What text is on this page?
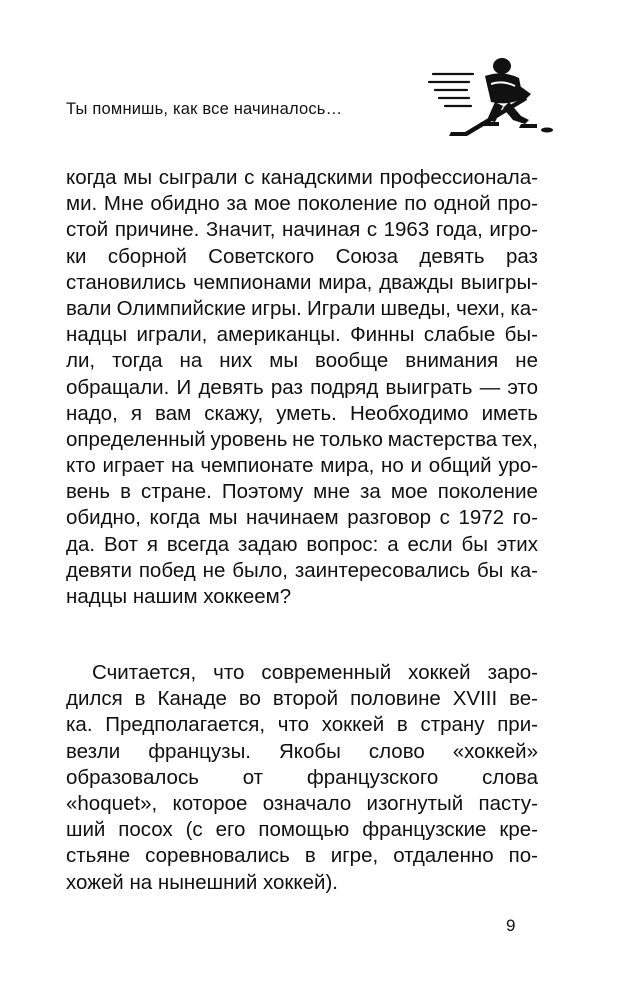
Ты помнишь, как все начиналось…
когда мы сыграли с канадскими профессионала-
ми. Мне обидно за мое поколение по одной про-
стой причине. Значит, начиная с 1963 года, игро-
ки сборной Советского Союза девять раз
становились чемпионами мира, дважды выигры-
вали Олимпийские игры. Играли шведы, чехи, ка-
надцы играли, американцы. Финны слабые бы-
ли, тогда на них мы вообще внимания не
обращали. И девять раз подряд выиграть — это
надо, я вам скажу, уметь. Необходимо иметь
определенный уровень не только мастерства тех,
кто играет на чемпионате мира, но и общий уро-
вень в стране. Поэтому мне за мое поколение
обидно, когда мы начинаем разговор с 1972 го-
да. Вот я всегда задаю вопрос: а если бы этих
девяти побед не было, заинтересовались бы ка-
надцы нашим хоккеем?
Считается, что современный хоккей заро-
дился в Канаде во второй половине XVIII ве-
ка. Предполагается, что хоккей в страну при-
везли французы. Якобы слово «хоккей»
образовалось от французского слова
«hoquet», которое означало изогнутый пасту-
ший посох (с его помощью французские кре-
стьяне соревновались в игре, отдаленно по-
хожей на нынешний хоккей).
9
